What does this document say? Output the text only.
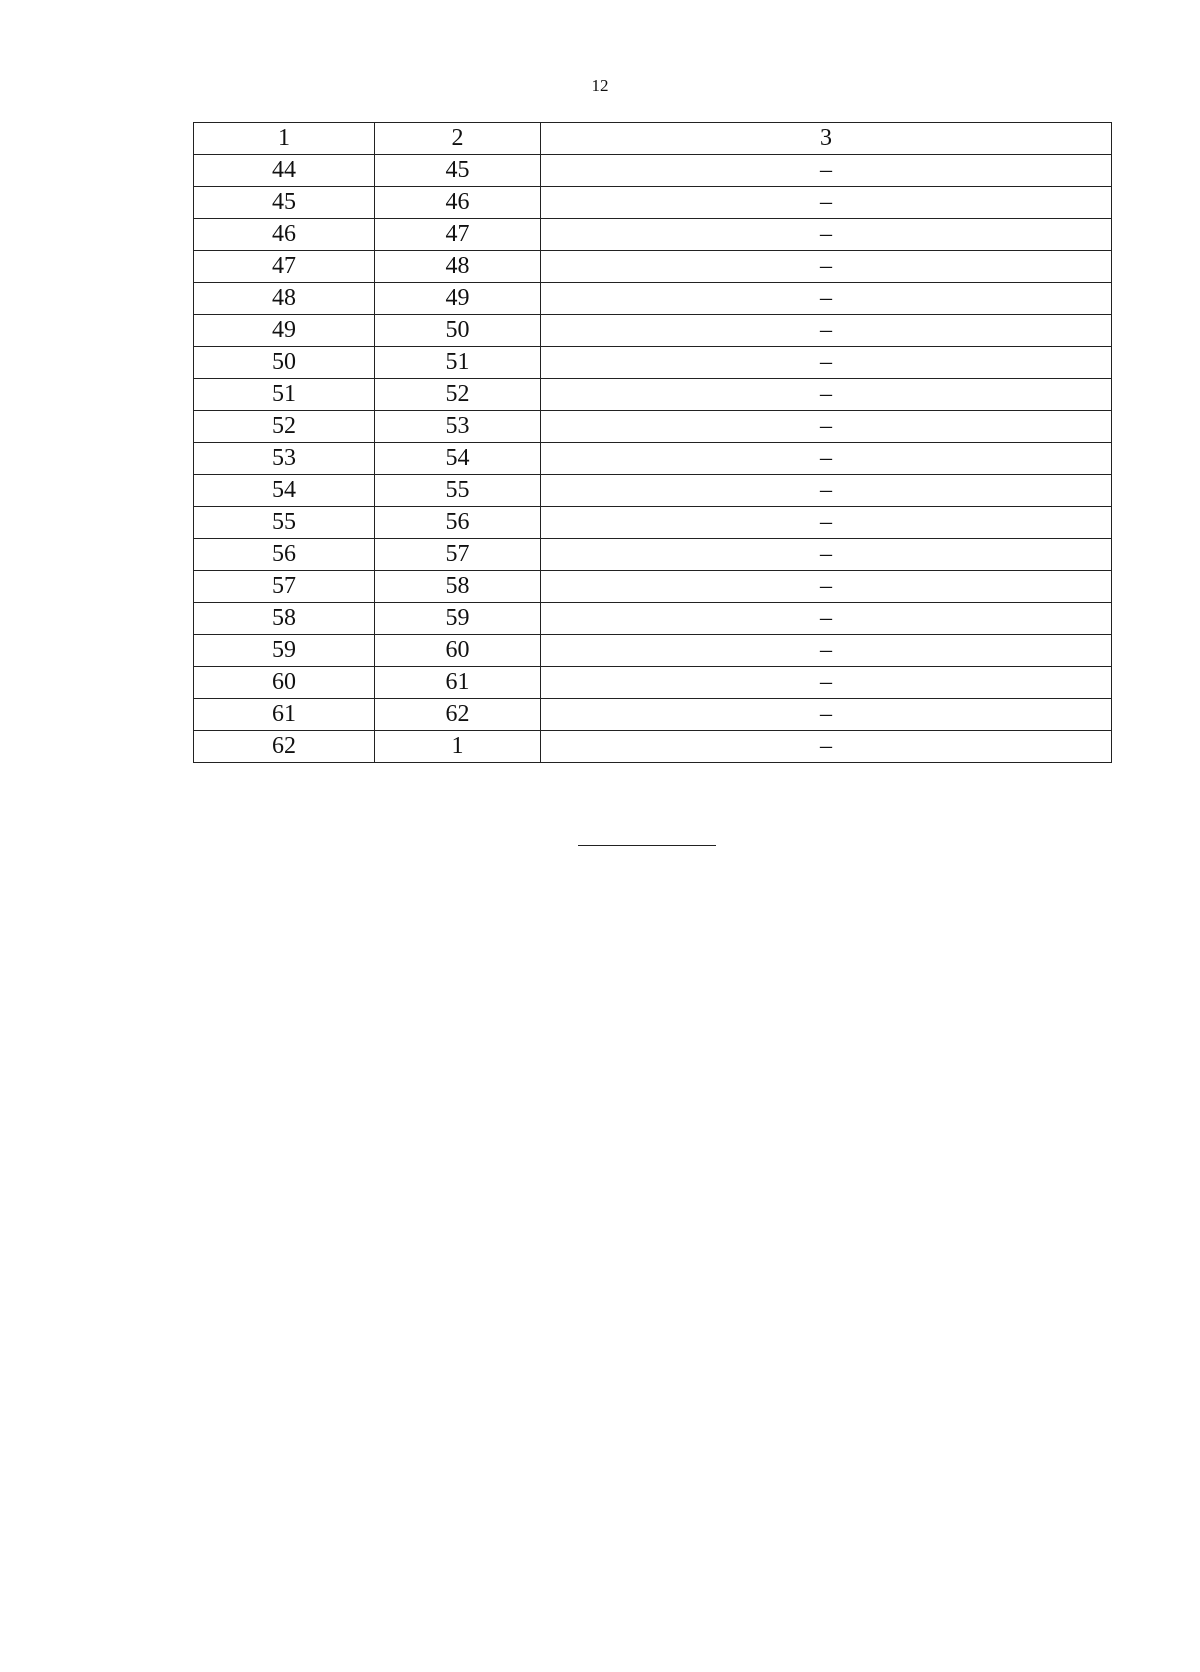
12
1	2	3
44	45	–
45	46	–
46	47	–
47	48	–
48	49	–
49	50	–
50	51	–
51	52	–
52	53	–
53	54	–
54	55	–
55	56	–
56	57	–
57	58	–
58	59	–
59	60	–
60	61	–
61	62	–
62	1	–
